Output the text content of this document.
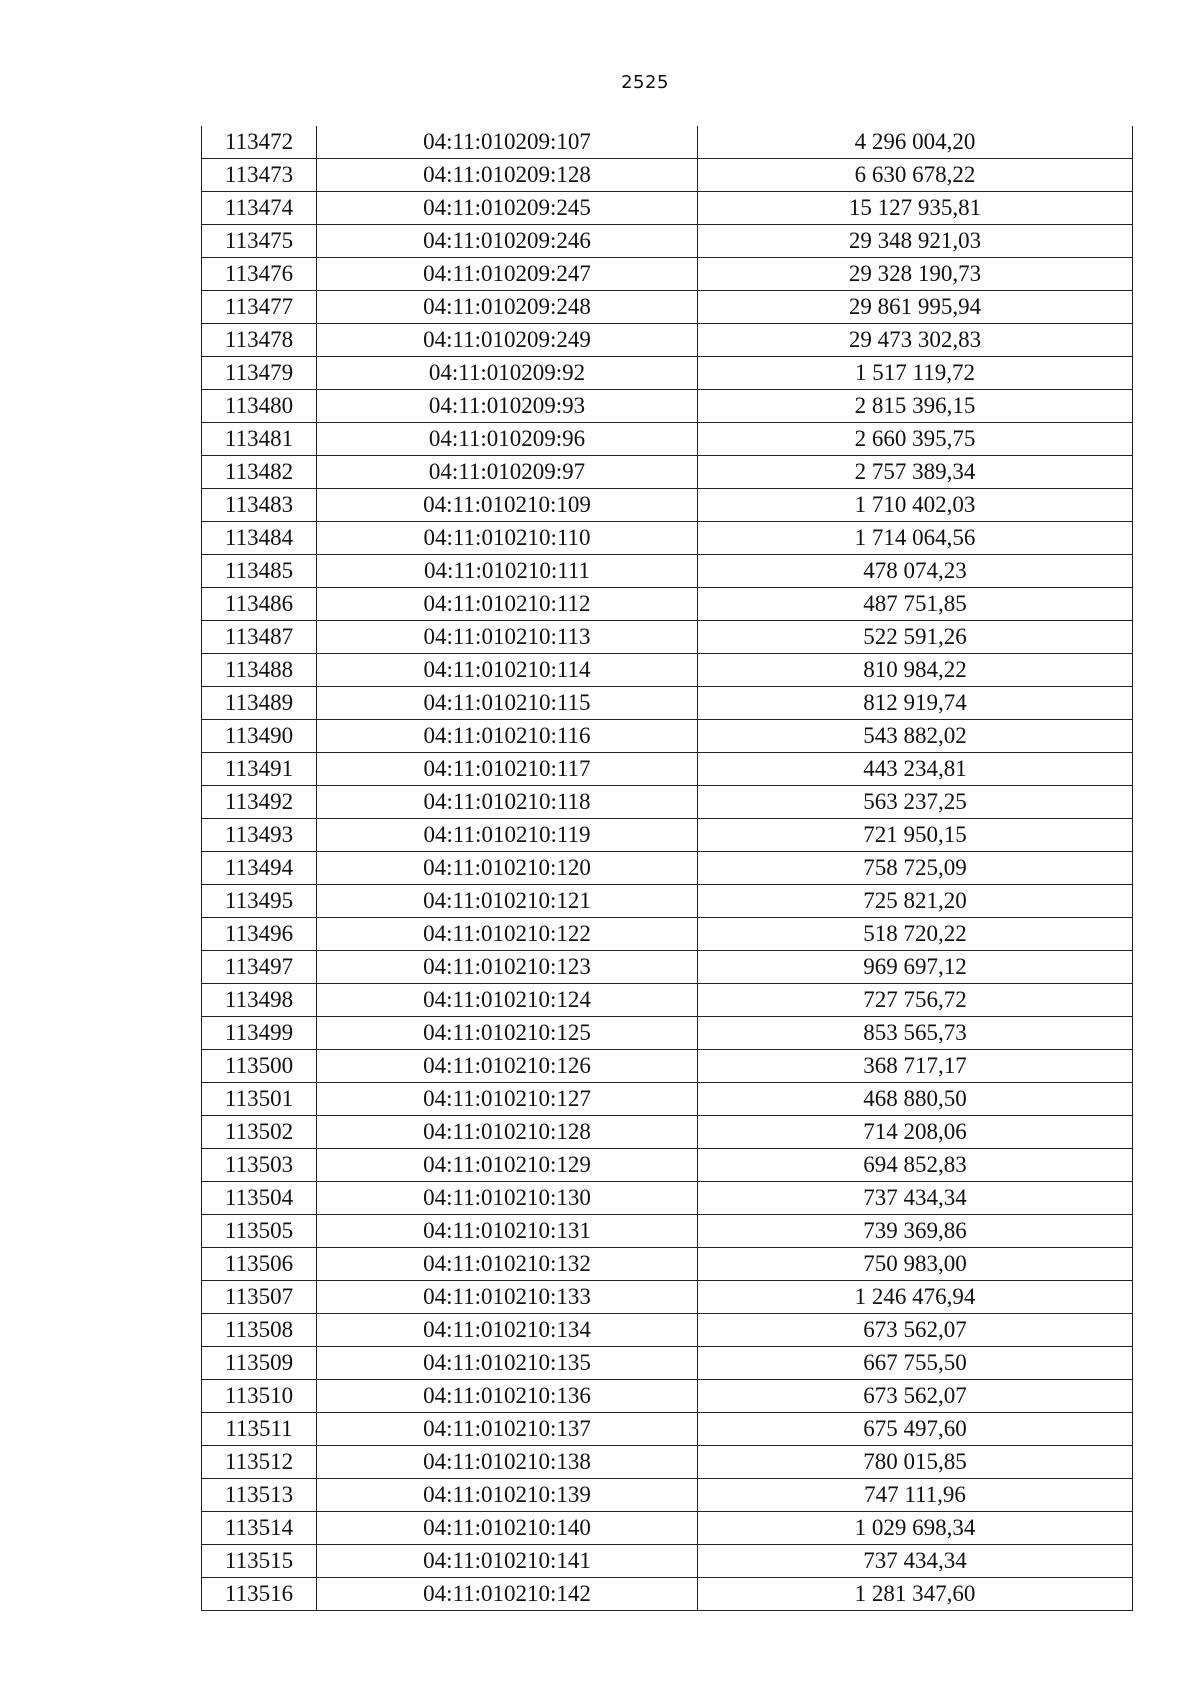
2525
113472	04:11:010209:107	4 296 004,20
113473	04:11:010209:128	6 630 678,22
113474	04:11:010209:245	15 127 935,81
113475	04:11:010209:246	29 348 921,03
113476	04:11:010209:247	29 328 190,73
113477	04:11:010209:248	29 861 995,94
113478	04:11:010209:249	29 473 302,83
113479	04:11:010209:92	1 517 119,72
113480	04:11:010209:93	2 815 396,15
113481	04:11:010209:96	2 660 395,75
113482	04:11:010209:97	2 757 389,34
113483	04:11:010210:109	1 710 402,03
113484	04:11:010210:110	1 714 064,56
113485	04:11:010210:111	478 074,23
113486	04:11:010210:112	487 751,85
113487	04:11:010210:113	522 591,26
113488	04:11:010210:114	810 984,22
113489	04:11:010210:115	812 919,74
113490	04:11:010210:116	543 882,02
113491	04:11:010210:117	443 234,81
113492	04:11:010210:118	563 237,25
113493	04:11:010210:119	721 950,15
113494	04:11:010210:120	758 725,09
113495	04:11:010210:121	725 821,20
113496	04:11:010210:122	518 720,22
113497	04:11:010210:123	969 697,12
113498	04:11:010210:124	727 756,72
113499	04:11:010210:125	853 565,73
113500	04:11:010210:126	368 717,17
113501	04:11:010210:127	468 880,50
113502	04:11:010210:128	714 208,06
113503	04:11:010210:129	694 852,83
113504	04:11:010210:130	737 434,34
113505	04:11:010210:131	739 369,86
113506	04:11:010210:132	750 983,00
113507	04:11:010210:133	1 246 476,94
113508	04:11:010210:134	673 562,07
113509	04:11:010210:135	667 755,50
113510	04:11:010210:136	673 562,07
113511	04:11:010210:137	675 497,60
113512	04:11:010210:138	780 015,85
113513	04:11:010210:139	747 111,96
113514	04:11:010210:140	1 029 698,34
113515	04:11:010210:141	737 434,34
113516	04:11:010210:142	1 281 347,60
